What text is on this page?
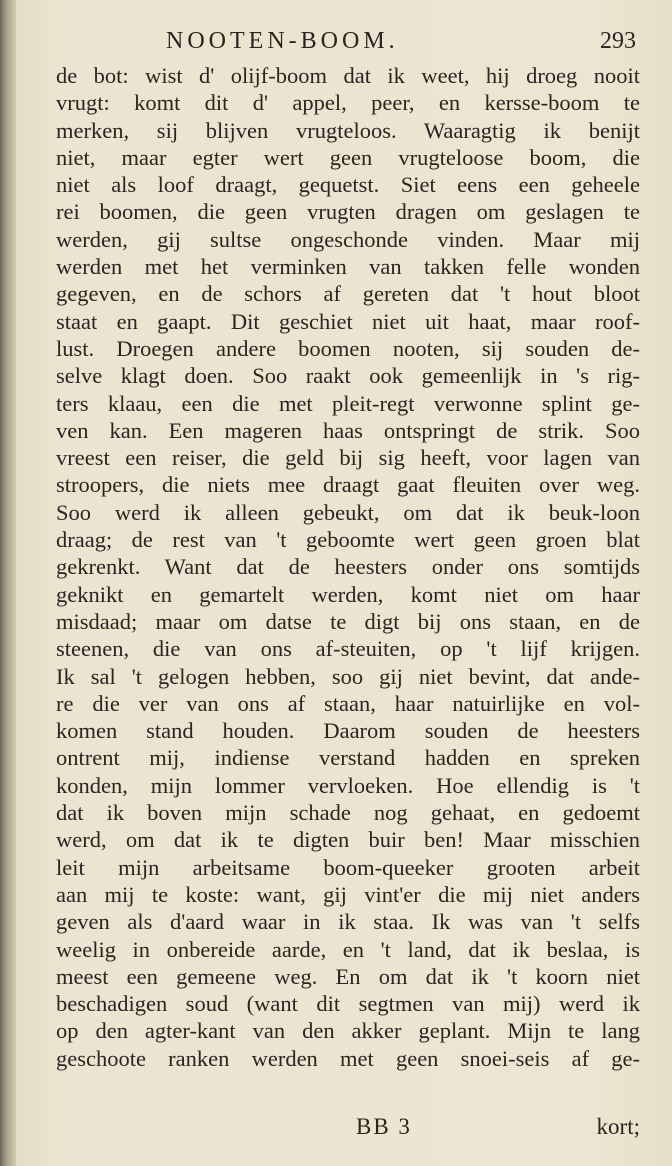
NOOTEN-BOOM.	293
de bot: wist d' olijf-boom dat ik weet, hij droeg nooit
vrugt: komt dit d' appel, peer, en kersse-boom te
merken, sij blijven vrugteloos. Waaragtig ik benijt
niet, maar egter wert geen vrugteloose boom, die
niet als loof draagt, gequetst. Siet eens een geheele
rei boomen, die geen vrugten dragen om geslagen te
werden, gij sultse ongeschonde vinden. Maar mij
werden met het verminken van takken felle wonden
gegeven, en de schors af gereten dat 't hout bloot
staat en gaapt. Dit geschiet niet uit haat, maar roof-
lust. Droegen andere boomen nooten, sij souden de-
selve klagt doen. Soo raakt ook gemeenlijk in 's rig-
ters klaau, een die met pleit-regt verwonne splint ge-
ven kan. Een mageren haas ontspringt de strik. Soo
vreest een reiser, die geld bij sig heeft, voor lagen van
stroopers, die niets mee draagt gaat fleuiten over weg.
Soo werd ik alleen gebeukt, om dat ik beuk-loon
draag; de rest van 't geboomte wert geen groen blat
gekrenkt. Want dat de heesters onder ons somtijds
geknikt en gemartelt werden, komt niet om haar
misdaad; maar om datse te digt bij ons staan, en de
steenen, die van ons af-steuiten, op 't lijf krijgen.
Ik sal 't gelogen hebben, soo gij niet bevint, dat ande-
re die ver van ons af staan, haar natuirlijke en vol-
komen stand houden. Daarom souden de heesters
ontrent mij, indiense verstand hadden en spreken
konden, mijn lommer vervloeken. Hoe ellendig is 't
dat ik boven mijn schade nog gehaat, en gedoemt
werd, om dat ik te digten buir ben! Maar misschien
leit mijn arbeitsame boom-queeker grooten arbeit
aan mij te koste: want, gij vint'er die mij niet anders
geven als d'aard waar in ik staa. Ik was van 't selfs
weelig in onbereide aarde, en 't land, dat ik beslaa, is
meest een gemeene weg. En om dat ik 't koorn niet
beschadigen soud (want dit segtmen van mij) werd ik
op den agter-kant van den akker geplant. Mijn te lang
geschoote ranken werden met geen snoei-seis af ge-
BB 3	kort;
